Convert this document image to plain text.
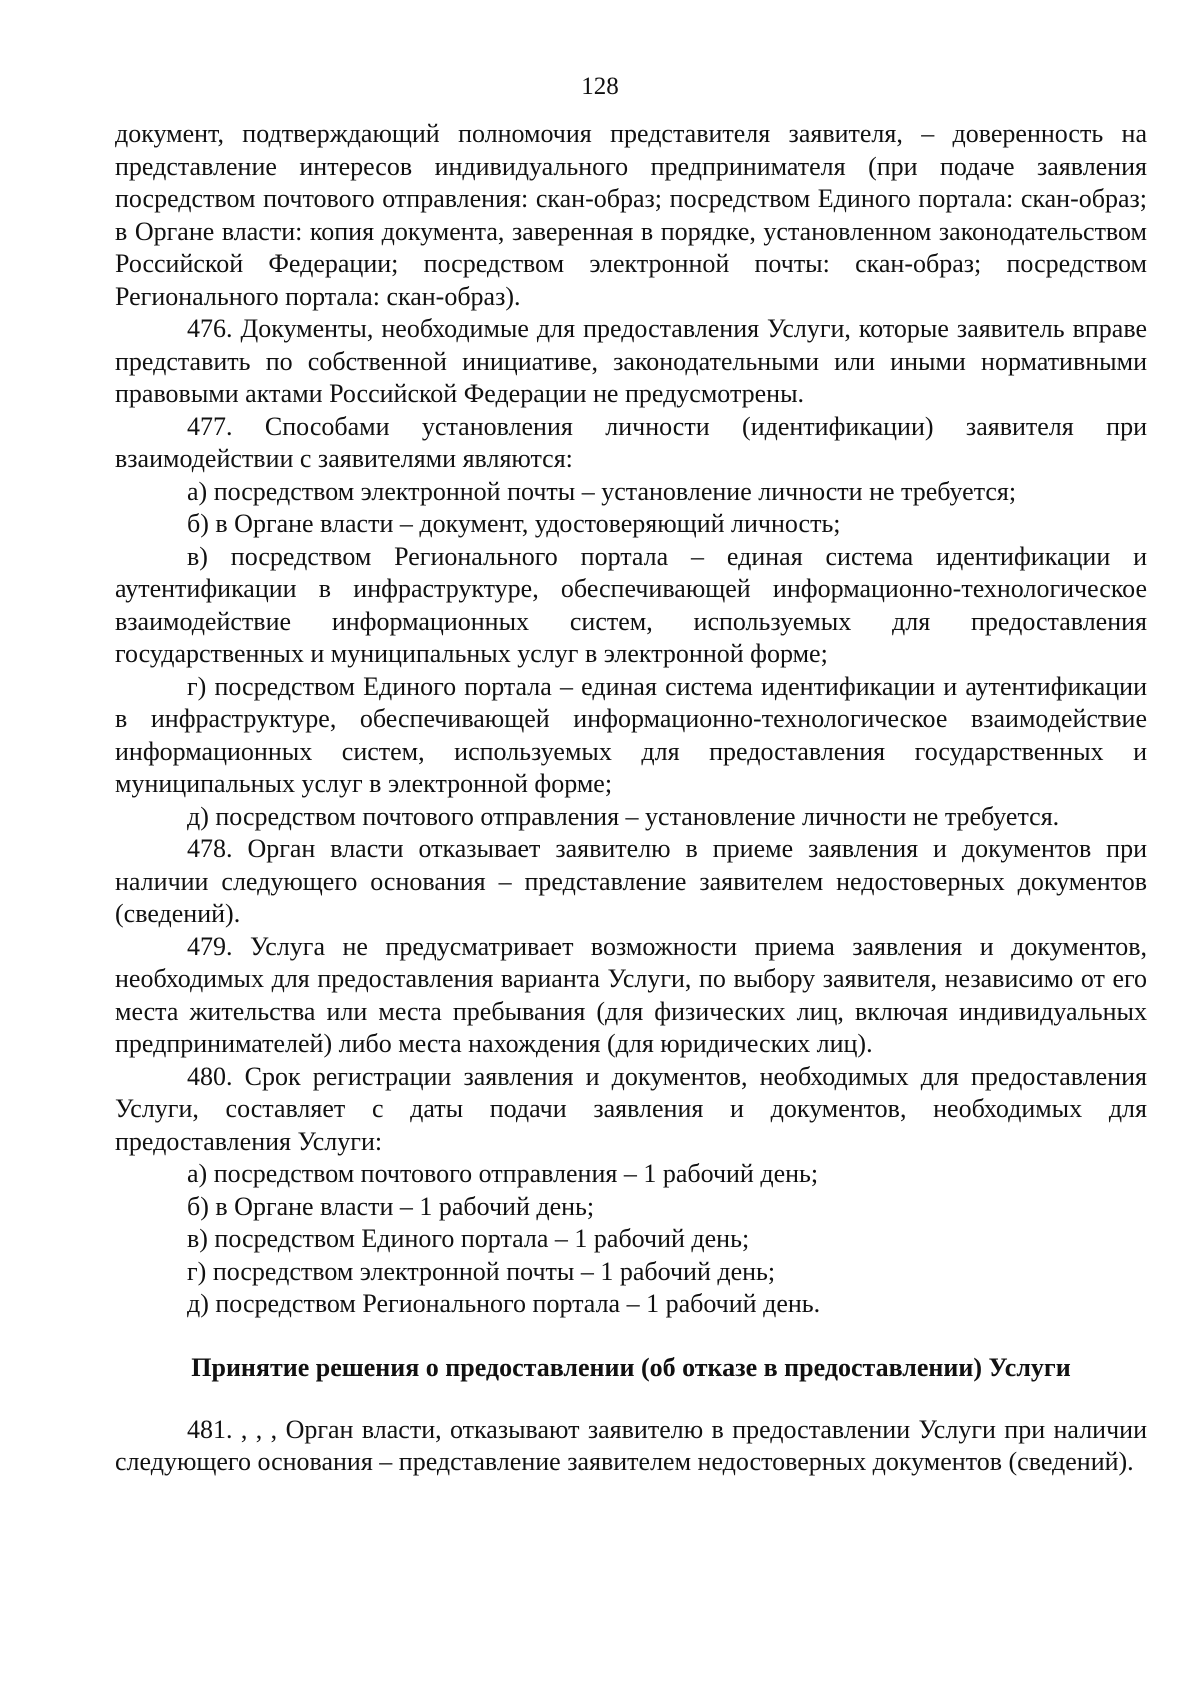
128

документ, подтверждающий полномочия представителя заявителя, – доверенность на представление интересов индивидуального предпринимателя (при подаче заявления посредством почтового отправления: скан-образ; посредством Единого портала: скан-образ; в Органе власти: копия документа, заверенная в порядке, установленном законодательством Российской Федерации; посредством электронной почты: скан-образ; посредством Регионального портала: скан-образ).

476. Документы, необходимые для предоставления Услуги, которые заявитель вправе представить по собственной инициативе, законодательными или иными нормативными правовыми актами Российской Федерации не предусмотрены.

477. Способами установления личности (идентификации) заявителя при взаимодействии с заявителями являются:

а) посредством электронной почты – установление личности не требуется;

б) в Органе власти – документ, удостоверяющий личность;

в) посредством Регионального портала – единая система идентификации и аутентификации в инфраструктуре, обеспечивающей информационно-технологическое взаимодействие информационных систем, используемых для предоставления государственных и муниципальных услуг в электронной форме;

г) посредством Единого портала – единая система идентификации и аутентификации в инфраструктуре, обеспечивающей информационно-технологическое взаимодействие информационных систем, используемых для предоставления государственных и муниципальных услуг в электронной форме;

д) посредством почтового отправления – установление личности не требуется.

478. Орган власти отказывает заявителю в приеме заявления и документов при наличии следующего основания – представление заявителем недостоверных документов (сведений).

479. Услуга не предусматривает возможности приема заявления и документов, необходимых для предоставления варианта Услуги, по выбору заявителя, независимо от его места жительства или места пребывания (для физических лиц, включая индивидуальных предпринимателей) либо места нахождения (для юридических лиц).

480. Срок регистрации заявления и документов, необходимых для предоставления Услуги, составляет с даты подачи заявления и документов, необходимых для предоставления Услуги:

а) посредством почтового отправления – 1 рабочий день;

б) в Органе власти – 1 рабочий день;

в) посредством Единого портала – 1 рабочий день;

г) посредством электронной почты – 1 рабочий день;

д) посредством Регионального портала – 1 рабочий день.

Принятие решения о предоставлении (об отказе в предоставлении) Услуги

481. , , , Орган власти, отказывают заявителю в предоставлении Услуги при наличии следующего основания – представление заявителем недостоверных документов (сведений).
